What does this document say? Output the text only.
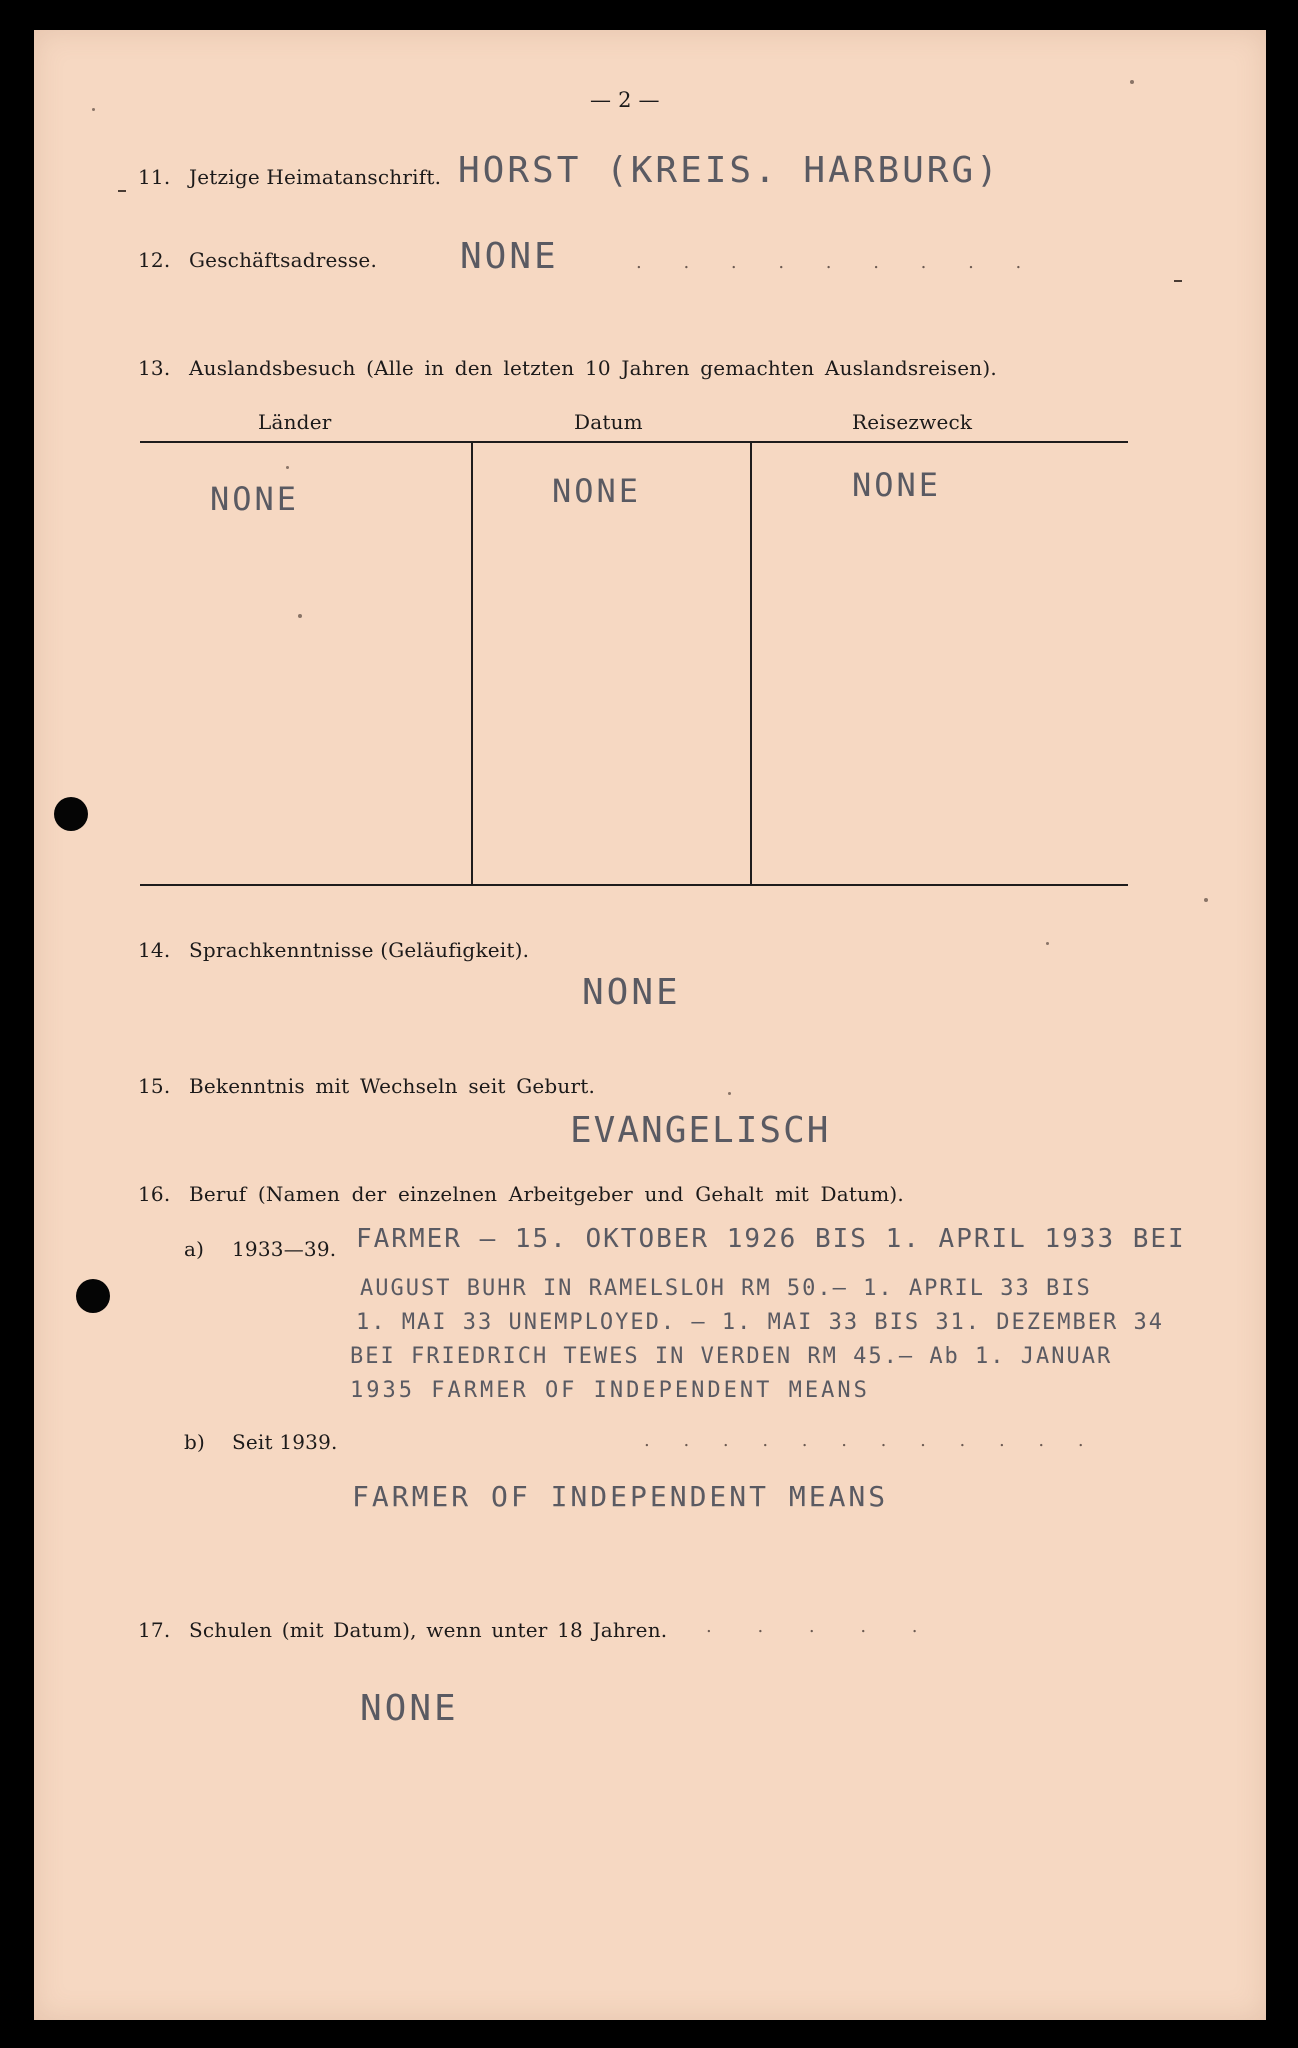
— 2 —
11. Jetzige Heimatanschrift. HORST (KREIS. HARBURG)
12. Geschäftsadresse. NONE	. . . . . . . . .
13. Auslandsbesuch (Alle in den letzten 10 Jahren gemachten Auslandsreisen).
Länder	Datum	Reisezweck
NONE	NONE	NONE
14. Sprachkenntnisse (Geläufigkeit).
NONE
15. Bekenntnis mit Wechseln seit Geburt.
EVANGELISCH
16. Beruf (Namen der einzelnen Arbeitgeber und Gehalt mit Datum).
a) 1933—39. FARMER – 15. OKTOBER 1926 BIS 1. APRIL 1933 BEI
AUGUST BUHR IN RAMELSLOH RM 50.– 1. APRIL 33 BIS
1. MAI 33 UNEMPLOYED. – 1. MAI 33 BIS 31. DEZEMBER 34
BEI FRIEDRICH TEWES IN VERDEN RM 45.– Ab 1. JANUAR
1935 FARMER OF INDEPENDENT MEANS
b) Seit 1939.	. . . . . . . . . . . .
FARMER OF INDEPENDENT MEANS
17. Schulen (mit Datum), wenn unter 18 Jahren. . . . . .
NONE
